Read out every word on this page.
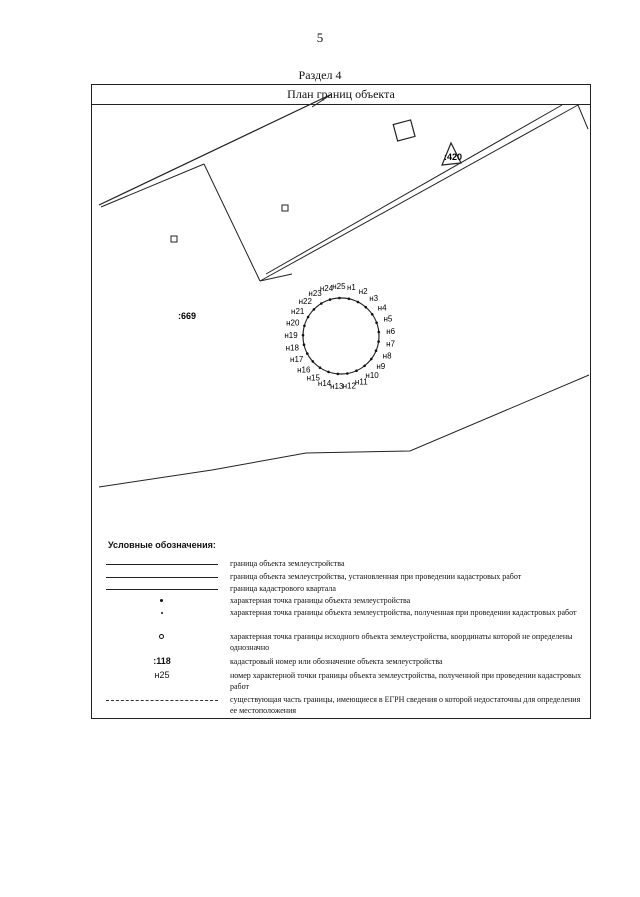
5
Раздел 4
План границ объекта
:420
:669
н1 н2
н3
н4
н5
н6
н7
н8
н9
н10
н11
н12
н13
н14
н15
н16
н17
н18
н19
н20
н21
н22
н23
н24 н25
Условные обозначения:
граница объекта землеустройства
граница объекта землеустройства, установленная при проведении кадастровых работ
граница кадастрового квартала
характерная точка границы объекта землеустройства
характерная точка границы объекта землеустройства, полученная при проведении кадастровых работ
характерная точка границы исходного объекта землеустройства, координаты которой не определены однозначно
:118	кадастровый номер или обозначение объекта землеустройства
н25	номер характерной точки границы объекта землеустройства, полученной при проведении кадастровых работ
существующая часть границы, имеющиеся в ЕГРН сведения о которой недостаточны для определения ее местоположения
